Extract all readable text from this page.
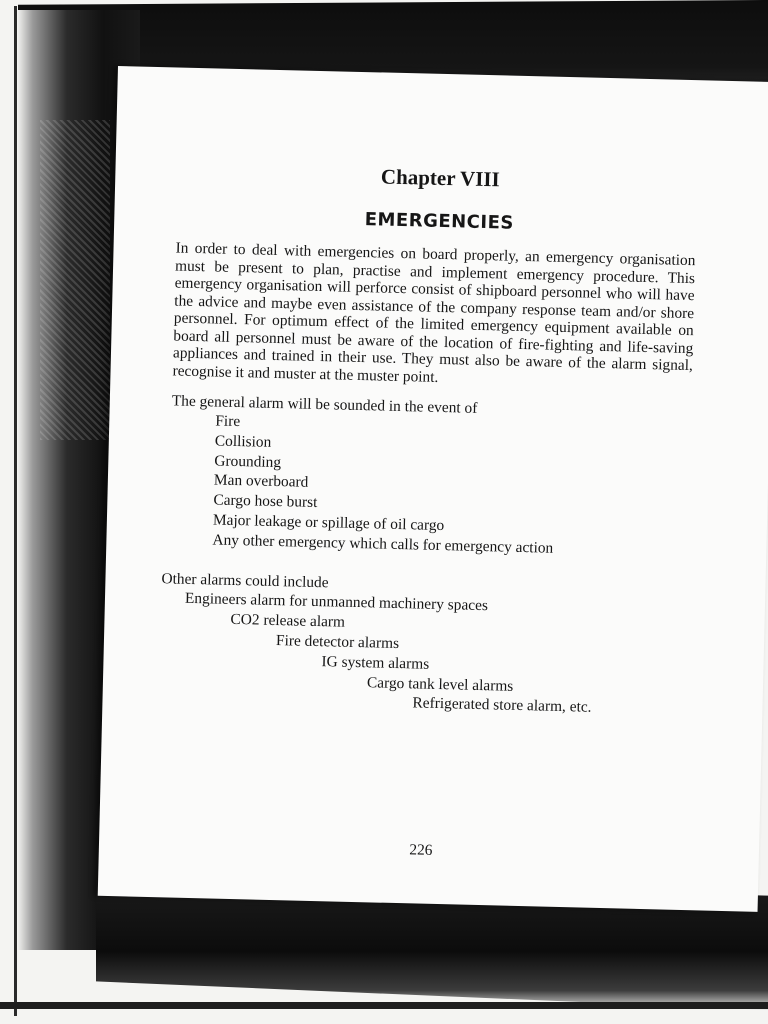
Chapter VIII
EMERGENCIES

In order to deal with emergencies on board properly, an emergency organisation must be present to plan, practise and implement emergency procedure. This emergency organisation will perforce consist of shipboard personnel who will have the advice and maybe even assistance of the company response team and/or shore personnel. For optimum effect of the limited emergency equipment available on board all personnel must be aware of the location of fire-fighting and life-saving appliances and trained in their use. They must also be aware of the alarm signal, recognise it and muster at the muster point.

The general alarm will be sounded in the event of

Fire
Collision
Grounding
Man overboard
Cargo hose burst
Major leakage or spillage of oil cargo
Any other emergency which calls for emergency action
Other alarms could include
Engineers alarm for unmanned machinery spaces
CO2 release alarm
Fire detector alarms
IG system alarms
Cargo tank level alarms
Refrigerated store alarm, etc.
226
